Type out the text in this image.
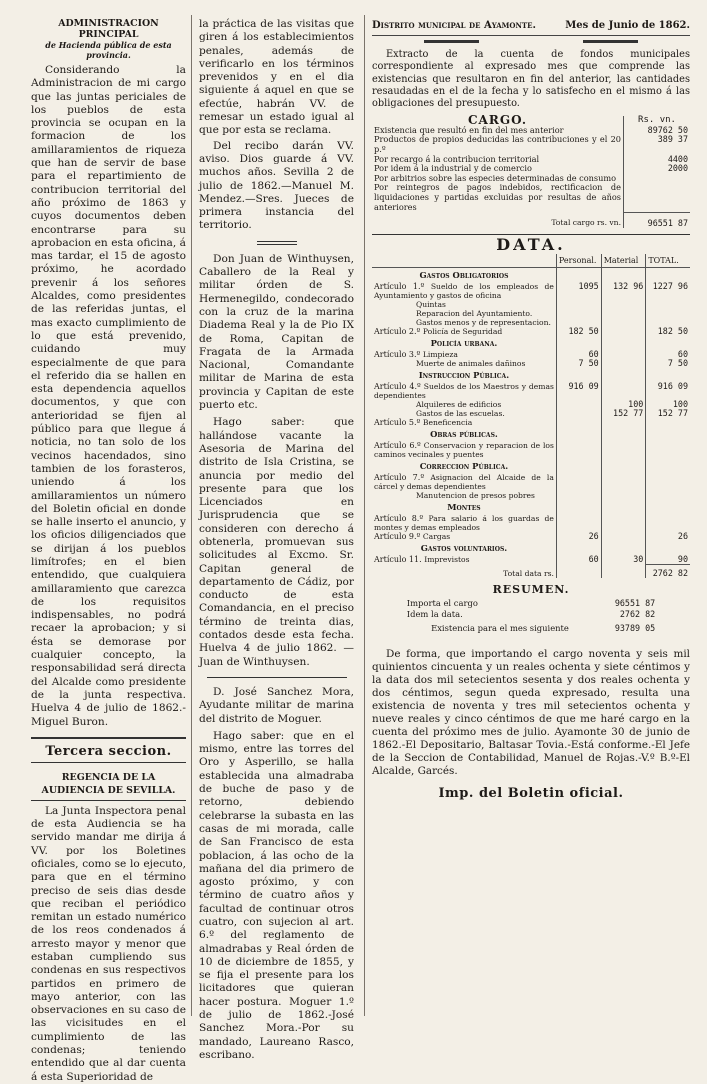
ADMINISTRACION PRINCIPAL
de Hacienda pública de esta provincia.

Considerando la Administracion de mi cargo que las juntas periciales de los pueblos de esta provincia se ocupan en la formacion de los amillaramientos de riqueza que han de servir de base para el repartimiento de contribucion territorial del año próximo de 1863 y cuyos documentos deben encontrarse para su aprobacion en esta oficina, á mas tardar, el 15 de agosto próximo, he acordado prevenir á los señores Alcaldes, como presidentes de las referidas juntas, el mas exacto cumplimiento de lo que está prevenido, cuidando muy especialmente de que para el referido dia se hallen en esta dependencia aquellos documentos, y que con anterioridad se fijen al público para que llegue á noticia, no tan solo de los vecinos hacendados, sino tambien de los forasteros, uniendo á los amillaramientos un número del Boletin oficial en donde se halle inserto el anuncio, y los oficios diligenciados que se dirijan á los pueblos limítrofes; en el bien entendido, que cualquiera amillaramiento que carezca de los requisitos indispensables, no podrá recaer la aprobacion; y si ésta se demorase por cualquier concepto, la responsabilidad será directa del Alcalde como presidente de la junta respectiva. Huelva 4 de julio de 1862.-Miguel Buron.

Tercera seccion.
REGENCIA DE LA AUDIENCIA DE SEVILLA.

La Junta Inspectora penal de esta Audiencia se ha servido mandar me dirija á VV. por los Boletines oficiales, como se lo ejecuto, para que en el término preciso de seis dias desde que reciban el periódico remitan un estado numérico de los reos condenados á arresto mayor y menor que estaban cumpliendo sus condenas en sus respectivos partidos en primero de mayo anterior, con las observaciones en su caso de las vicisitudes en el cumplimiento de las condenas; teniendo entendido que al dar cuenta á esta Superioridad de

la práctica de las visitas que giren á los establecimientos penales, además de verificarlo en los términos prevenidos y en el dia siguiente á aquel en que se efectúe, habrán VV. de remesar un estado igual al que por esta se reclama.

Del recibo darán VV. aviso. Dios guarde á VV. muchos años. Sevilla 2 de julio de 1862.—Manuel M. Mendez.—Sres. Jueces de primera instancia del territorio.

Don Juan de Winthuysen, Caballero de la Real y militar órden de S. Hermenegildo, condecorado con la cruz de la marina Diadema Real y la de Pio IX de Roma, Capitan de Fragata de la Armada Nacional, Comandante militar de Marina de esta provincia y Capitan de este puerto etc.

Hago saber: que hallándose vacante la Asesoria de Marina del distrito de Isla Cristina, se anuncia por medio del presente para que los Licenciados en Jurisprudencia que se consideren con derecho á obtenerla, promuevan sus solicitudes al Excmo. Sr. Capitan general de departamento de Cádiz, por conducto de esta Comandancia, en el preciso término de treinta dias, contados desde esta fecha. Huelva 4 de julio 1862. —Juan de Winthuysen.

D. José Sanchez Mora, Ayudante militar de marina del distrito de Moguer.

Hago saber: que en el mismo, entre las torres del Oro y Asperillo, se halla establecida una almadraba de buche de paso y de retorno, debiendo celebrarse la subasta en las casas de mi morada, calle de San Francisco de esta poblacion, á las ocho de la mañana del dia primero de agosto próximo, y con término de cuatro años y facultad de continuar otros cuatro, con sujecion al art. 6.º del reglamento de almadrabas y Real órden de 10 de diciembre de 1855, y se fija el presente para los licitadores que quieran hacer postura. Moguer 1.º de julio de 1862.-José Sanchez Mora.-Por su mandado, Laureano Rasco, escribano.

Distrito municipal de Ayamonte.	Mes de Junio de 1862.

Extracto de la cuenta de fondos municipales correspondiente al expresado mes que comprende las existencias que resultaron en fin del anterior, las cantidades resaudadas en el de la fecha y lo satisfecho en el mismo á las obligaciones del presupuesto.

CARGO.	Rs. vn.
Existencia que resultó en fin del mes anterior	89762 50
Productos de propios deducidas las contribuciones y el 20 p.º	389 37
Por recargo á la contribucion territorial	4400
Por idem á la industrial y de comercio	2000
Por arbitrios sobre las especies determinadas de consumo	
Por reintegros de pagos indebidos, rectificacion de liquidaciones y partidas excluidas por resultas de años anteriores	
Total cargo rs. vn.	96551 87
DATA.
	Personal.	Material	TOTAL.
Gastos Obligatorios			
Artículo 1.º Sueldo de los empleados de Ayuntamiento y gastos de oficina	1095	132 96	1227 96
Quintas			
Reparacion del Ayuntamiento.			
Gastos menos y de representacion.			
Artículo 2.º Policía de Seguridad	182 50		182 50
Policía urbana.			
Artículo 3.º Limpieza	60		60
Muerte de animales dañinos	7 50		7 50
Instruccion Pública.			
Artículo 4.º Sueldos de los Maestros y demas dependientes	916 09		916 09
Alquileres de edificios		100	100
Gastos de las escuelas.		152 77	152 77
Artículo 5.º Beneficencia			
Obras públicas.			
Artículo 6.º Conservacion y reparacion de los caminos vecinales y puentes			
Correccion Pública.			
Artículo 7.º Asignacion del Alcaide de la cárcel y demas dependientes			
Manutencion de presos pobres			
Montes			
Artículo 8.º Para salario á los guardas de montes y demas empleados			
Artículo 9.º Cargas	26		26
Gastos voluntarios.			
Artículo 11. Imprevistos	60	30	90
Total data rs.			2762 82
RESUMEN.
Importa el cargo	96551 87
Idem la data.	2762 82
Existencia para el mes siguiente	93789 05

De forma, que importando el cargo noventa y seis mil quinientos cincuenta y un reales ochenta y siete céntimos y la data dos mil setecientos sesenta y dos reales ochenta y dos céntimos, segun queda expresado, resulta una existencia de noventa y tres mil setecientos ochenta y nueve reales y cinco céntimos de que me haré cargo en la cuenta del próximo mes de julio. Ayamonte 30 de junio de 1862.-El Depositario, Baltasar Tovia.-Está conforme.-El Jefe de la Seccion de Contabilidad, Manuel de Rojas.-V.º B.º-El Alcalde, Garcés.

Imp. del Boletin oficial.
